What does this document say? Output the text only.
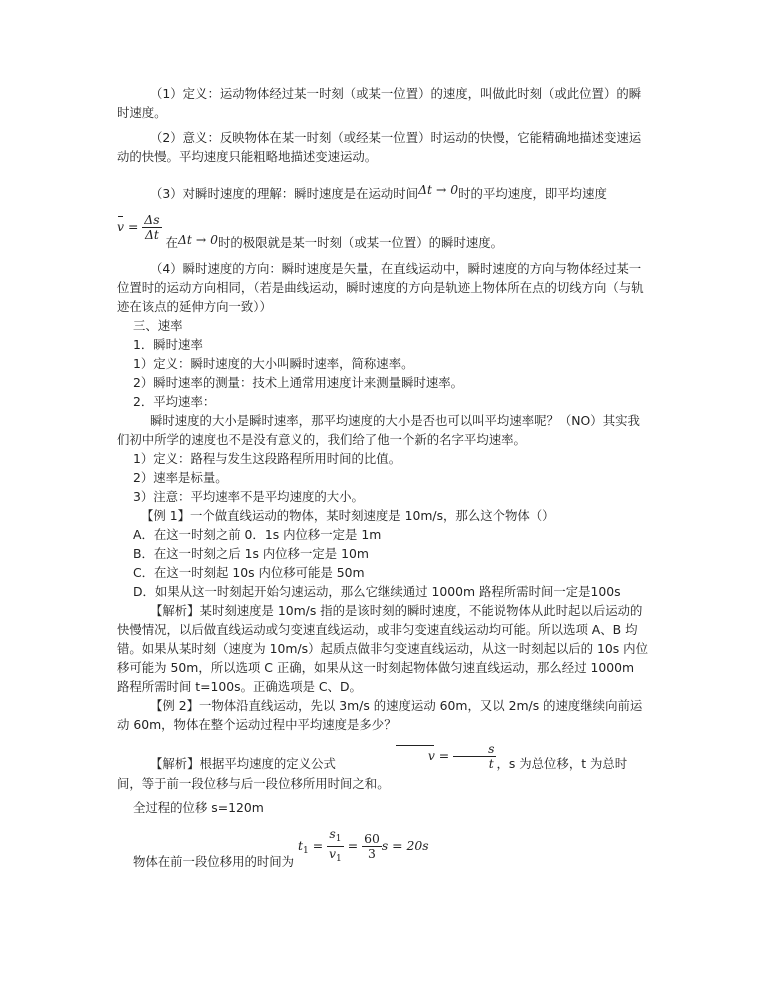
（1）定义：运动物体经过某一时刻（或某一位置）的速度，叫做此时刻（或此位置）的瞬时速度。

（2）意义：反映物体在某一时刻（或经某一位置）时运动的快慢，它能精确地描述变速运动的快慢。平均速度只能粗略地描述变速运动。

（3）对瞬时速度的理解：瞬时速度是在运动时间Δt → 0时的平均速度，即平均速度

$v = \frac{\Delta s}{\Delta t}$
在Δt → 0时的极限就是某一时刻（或某一位置）的瞬时速度。

（4）瞬时速度的方向：瞬时速度是矢量，在直线运动中，瞬时速度的方向与物体经过某一位置时的运动方向相同，（若是曲线运动，瞬时速度的方向是轨迹上物体所在点的切线方向（与轨迹在该点的延伸方向一致））

三、速率

1．瞬时速率

1）定义：瞬时速度的大小叫瞬时速率，简称速率。

2）瞬时速率的测量：技术上通常用速度计来测量瞬时速率。

2．平均速率：

瞬时速度的大小是瞬时速率，那平均速度的大小是否也可以叫平均速率呢？（NO）其实我们初中所学的速度也不是没有意义的，我们给了他一个新的名字平均速率。

1）定义：路程与发生这段路程所用时间的比值。

2）速率是标量。

3）注意：平均速率不是平均速度的大小。

【例 1】一个做直线运动的物体，某时刻速度是 10m/s，那么这个物体（）

A．在这一时刻之前 0．1s 内位移一定是 1m

B．在这一时刻之后 1s 内位移一定是 10m

C．在这一时刻起 10s 内位移可能是 50m

D．如果从这一时刻起开始匀速运动，那么它继续通过 1000m 路程所需时间一定是100s

【解析】某时刻速度是 10m/s 指的是该时刻的瞬时速度，不能说物体从此时起以后运动的快慢情况，以后做直线运动或匀变速直线运动，或非匀变速直线运动均可能。所以选项 A、B 均错。如果从某时刻（速度为 10m/s）起质点做非匀变速直线运动，从这一时刻起以后的 10s 内位移可能为 50m，所以选项 C 正确，如果从这一时刻起物体做匀速直线运动，那么经过 1000m 路程所需时间 t=100s。正确选项是 C、D。

【例 2】一物体沿直线运动，先以 3m/s 的速度运动 60m，又以 2m/s 的速度继续向前运动 60m，物体在整个运动过程中平均速度是多少？

【解析】根据平均速度的定义公式 $v = \frac{s}{t}$ ，s 为总位移，t 为总时间，等于前一段位移与后一段位移所用时间之和。

全过程的位移 s=120m

物体在前一段位移用的时间为 $t_1 = \frac{s_1}{v_1} = \frac{60}{3}$ s = 20s
